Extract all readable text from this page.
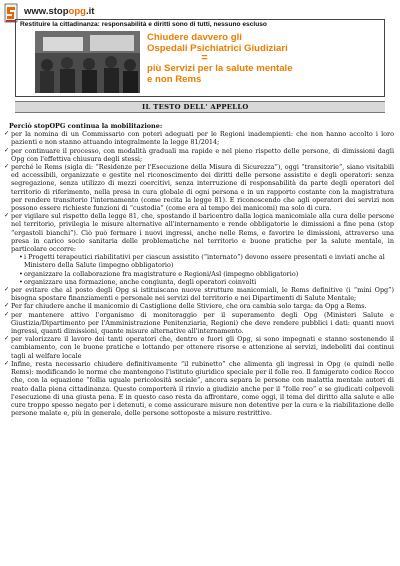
www.stopopg.it
Restituire la cittadinanza: responsabilità e diritti sono di tutti, nessuno escluso
Chiudere davvero gli
Ospedali Psichiatrici Giudiziari
=
più Servizi per la salute mentale
e non Rems
IL TESTO DELL' APPELLO
Perciò stopOPG continua la mobilitazione:
✓ per la nomina di un Commissario con poteri adeguati per le Regioni inadempienti: che non hanno accolto i loro pazienti e non stanno attuando integralmente la legge 81/2014;
✓ per continuare il processo, con modalità graduali ma rapide e nel pieno rispetto delle persone, di dimissioni dagli Opg con l'effettiva chiusura degli stessi;
✓ perché le Rems (sigla di: “Residenze per l'Esecuzione della Misura di Sicurezza”), oggi “transitorie”, siano visitabili ed accessibili, organizzate e gestite nel riconoscimento dei diritti delle persone assistite e degli operatori: senza segregazione, senza utilizzo di mezzi coercitivi, senza interruzione di responsabilità da parte degli operatori del territorio di riferimento, nella presa in cura globale di ogni persona e in un rapporto costante con la magistratura per rendere transitorio l'internamento (come recita la legge 81). E riconoscendo che agli operatori dei servizi non possono essere richieste funzioni di “custodia” (come era al tempo dei manicomi) ma solo di cura.
✓ per vigilare sul rispetto della legge 81, che, spostando il baricentro dalla logica manicomiale alla cura delle persone nel territorio, privilegia le misure alternative all'internamento e rende obbligatorie le dimissioni a fine pena (stop “ergastoli bianchi”). Ciò può fermare i nuovi ingressi, anche nelle Rems, e favorire le dimissioni, attraverso una presa in carico socio sanitaria delle problematiche nel territorio e buone pratiche per la salute mentale, in particolare occorre:
• i Progetti terapeutici riabilitativi per ciascun assistito (“internato”) devono essere presentati e inviati anche al Ministero della Salute (impegno obbligatorio)
• organizzare la collaborazione fra magistrature e Regioni/Asl (impegno obbligatorio)
• organizzare una formazione, anche congiunta, degli operatori coinvolti
✓ per evitare che al posto degli Opg si istituiscano nuove strutture manicomiali, le Rems definitive (i “mini Opg”) bisogna spostare finanziamenti e personale nei servizi del territorio e nei Dipartimenti di Salute Mentale;
✓ Per far chiudere anche il manicomio di Castiglione delle Stiviere, che ora cambia solo targa: da Opg a Rems.
✓ per mantenere attivo l'organismo di monitoraggio per il superamento degli Opg (Ministeri Salute e Giustizia/Dipartimento per l'Amministrazione Penitenziaria, Regioni) che deve rendere pubblici i dati: quanti nuovi ingressi, quanti dimissioni, quante misure alternative all'internamento.
✓ per valorizzare il lavoro dei tanti operatori che, dentro e fuori gli Opg, si sono impegnati e stanno sostenendo il cambiamento, con le buone pratiche e lottando per ottenere risorse e attenzione ai servizi, indeboliti dai continui tagli al welfare locale
✓ Infine, resta necessario chiudere definitivamente “il rubinetto” che alimenta gli ingressi in Opg (e quindi nelle Rems): modificando le norme che mantengono l'istituto giuridico speciale per il folle reo. Il famigerato codice Rocco che, con la equazione “follia uguale pericolosità sociale”, ancora separa le persone con malattia mentale autori di reato dalla piena cittadinanza. Questo comporterà il rinvio a giudizio anche per il “folle reo” e se giudicati colpevoli l'esecuzione di una giusta pena. E in questo caso resta da affrontare, come oggi, il tema del diritto alla salute e alle cure troppo spesso negato per i detenuti, e come assicurare misure non detentive per la cura e la riabilitazione delle persone malate e, più in generale, delle persone sottoposte a misure restrittive.
